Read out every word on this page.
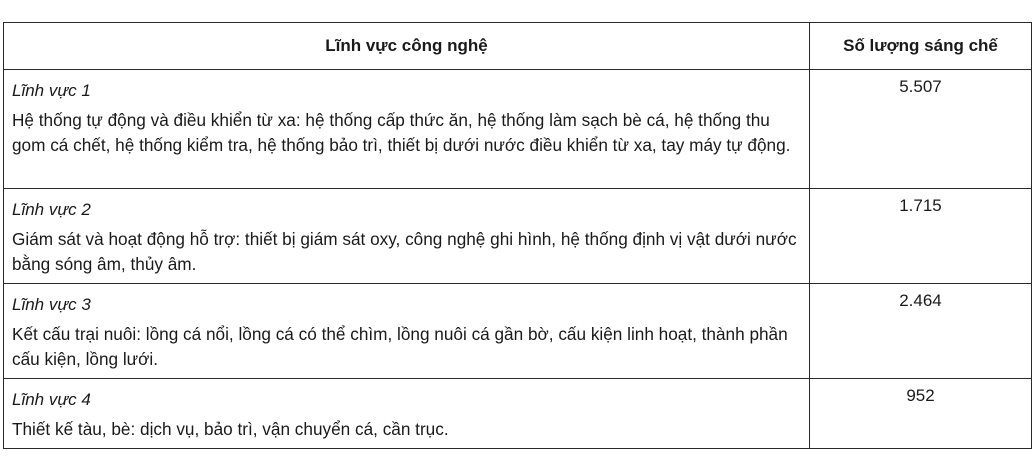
Lĩnh vực công nghệ	Số lượng sáng chế

Lĩnh vực 1
Hệ thống tự động và điều khiển từ xa: hệ thống cấp thức ăn, hệ thống làm sạch bè cá, hệ thống thu gom cá chết, hệ thống kiểm tra, hệ thống bảo trì, thiết bị dưới nước điều khiển từ xa, tay máy tự động.	5.507

Lĩnh vực 2
Giám sát và hoạt động hỗ trợ: thiết bị giám sát oxy, công nghệ ghi hình, hệ thống định vị vật dưới nước bằng sóng âm, thủy âm.	1.715

Lĩnh vực 3
Kết cấu trại nuôi: lồng cá nổi, lồng cá có thể chìm, lồng nuôi cá gần bờ, cấu kiện linh hoạt, thành phần cấu kiện, lồng lưới.	2.464

Lĩnh vực 4
Thiết kế tàu, bè: dịch vụ, bảo trì, vận chuyển cá, cần trục.	952
